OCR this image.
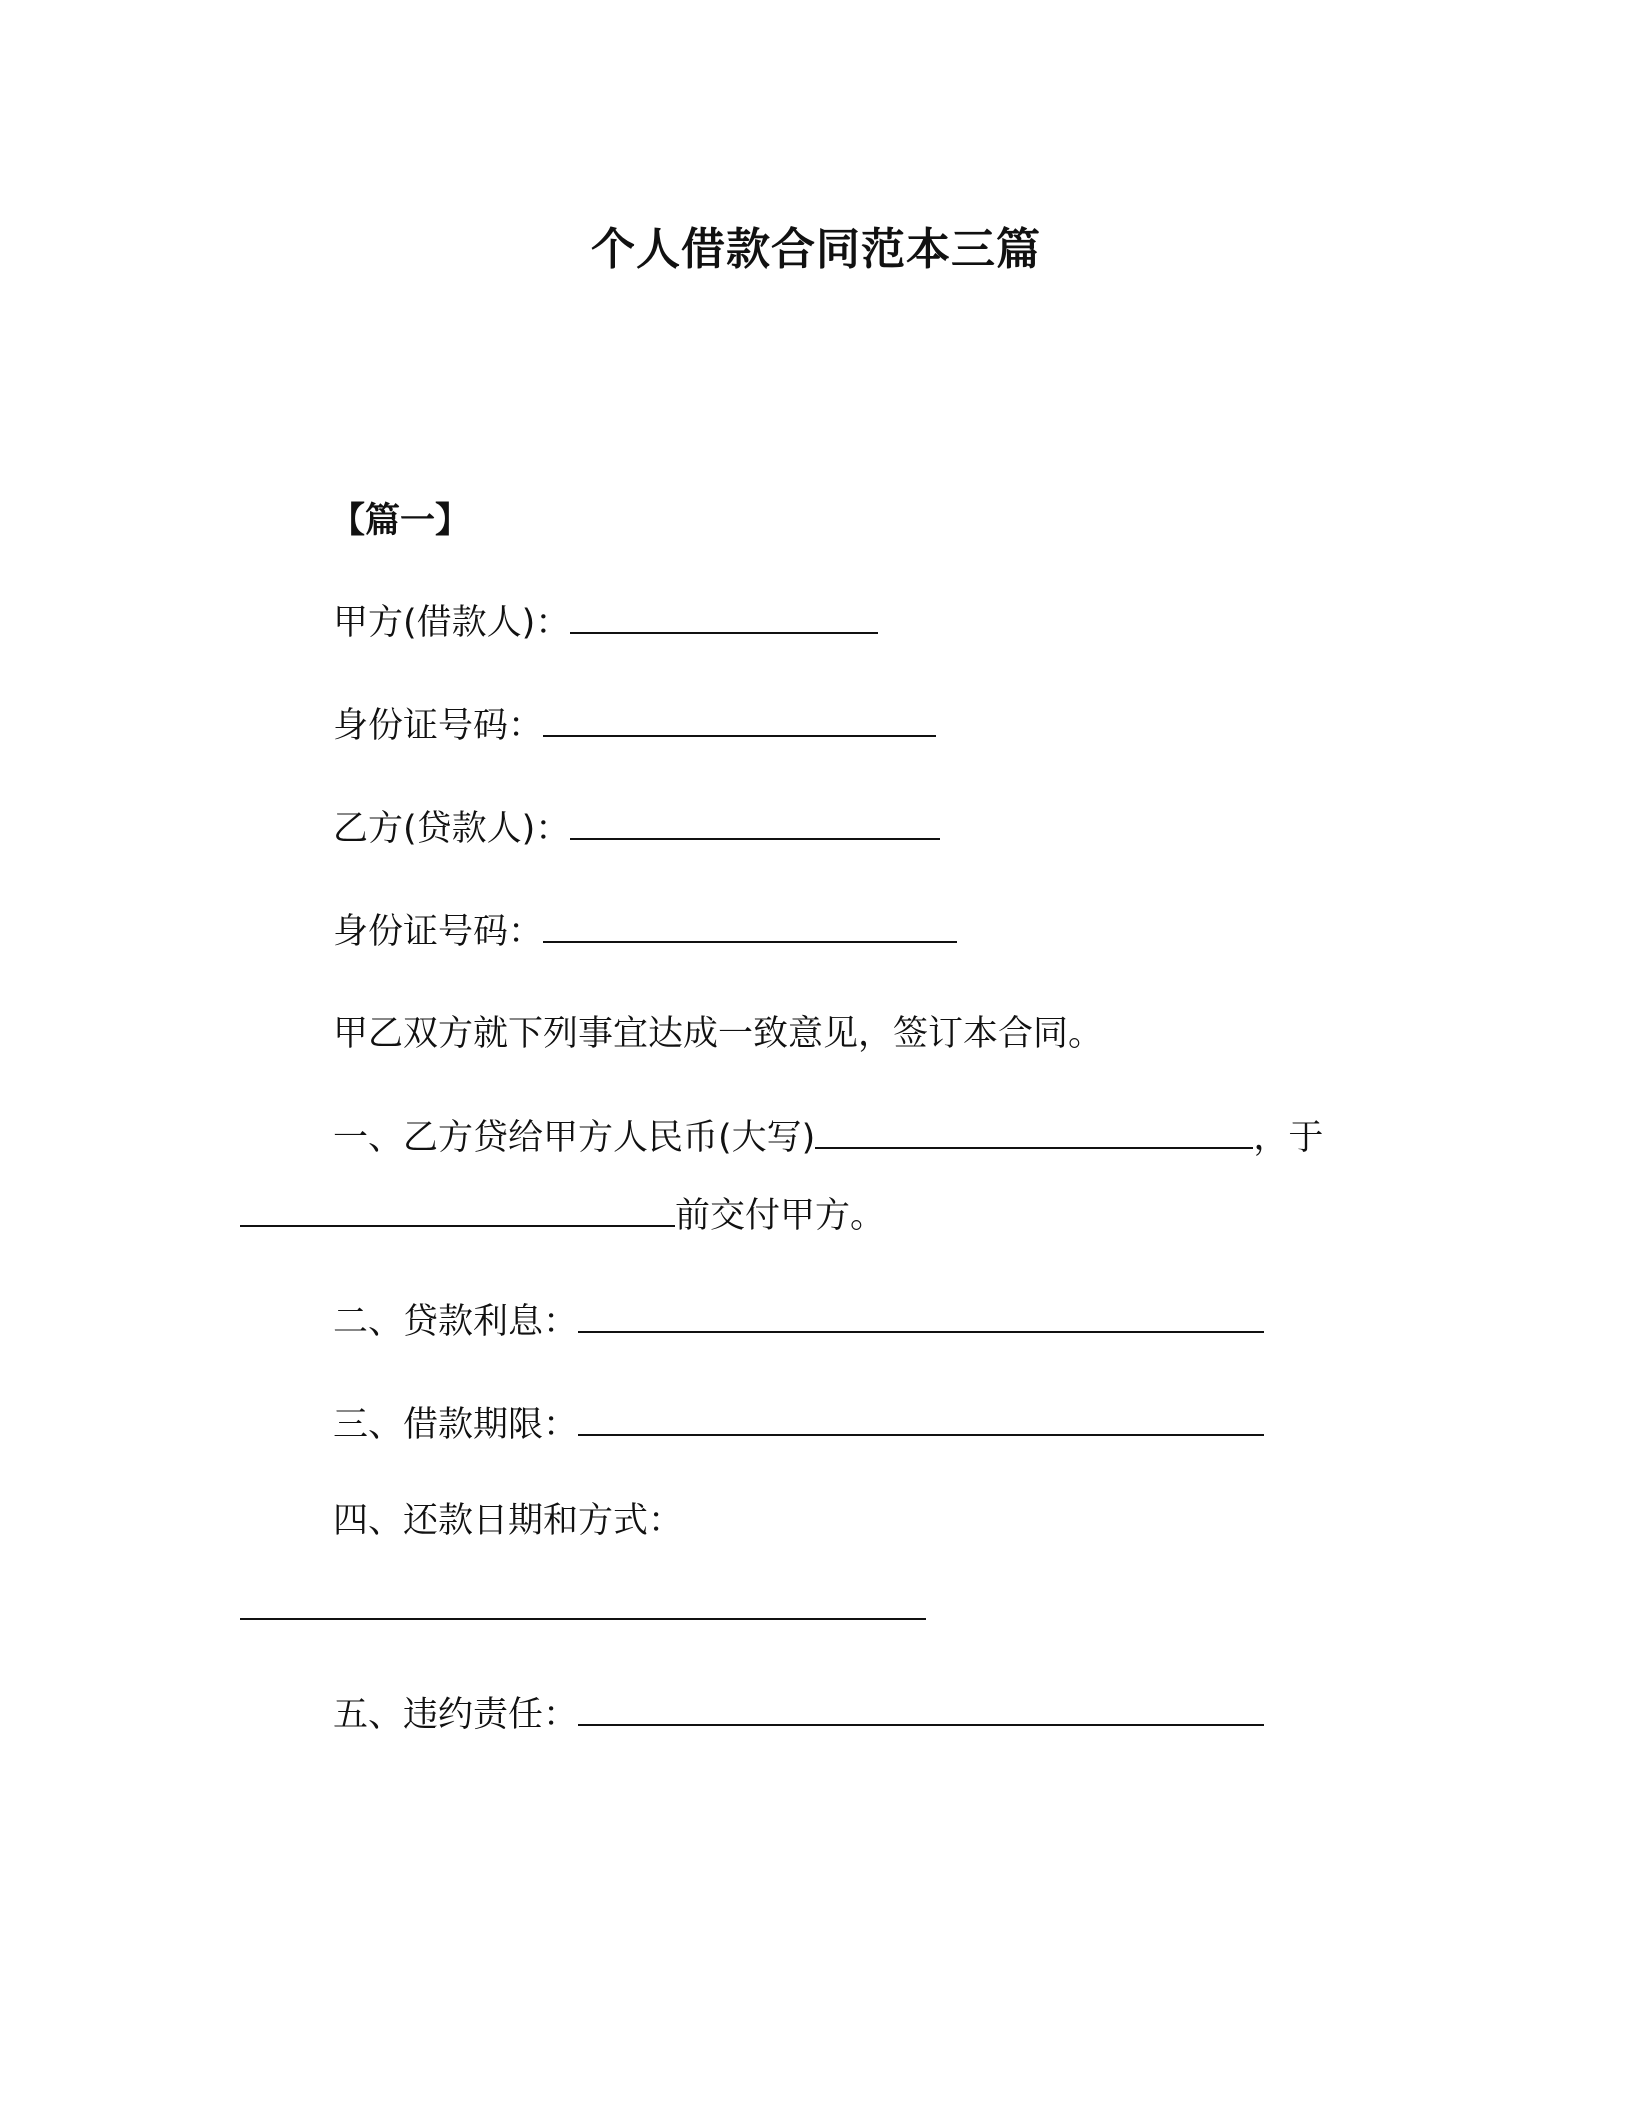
个人借款合同范本三篇
【篇一】
甲方(借款人)：
身份证号码：
乙方(贷款人)：
身份证号码：
甲乙双方就下列事宜达成一致意见，签订本合同。
一、乙方贷给甲方人民币(大写)	，于
前交付甲方。
二、贷款利息：
三、借款期限：
四、还款日期和方式：
五、违约责任：
